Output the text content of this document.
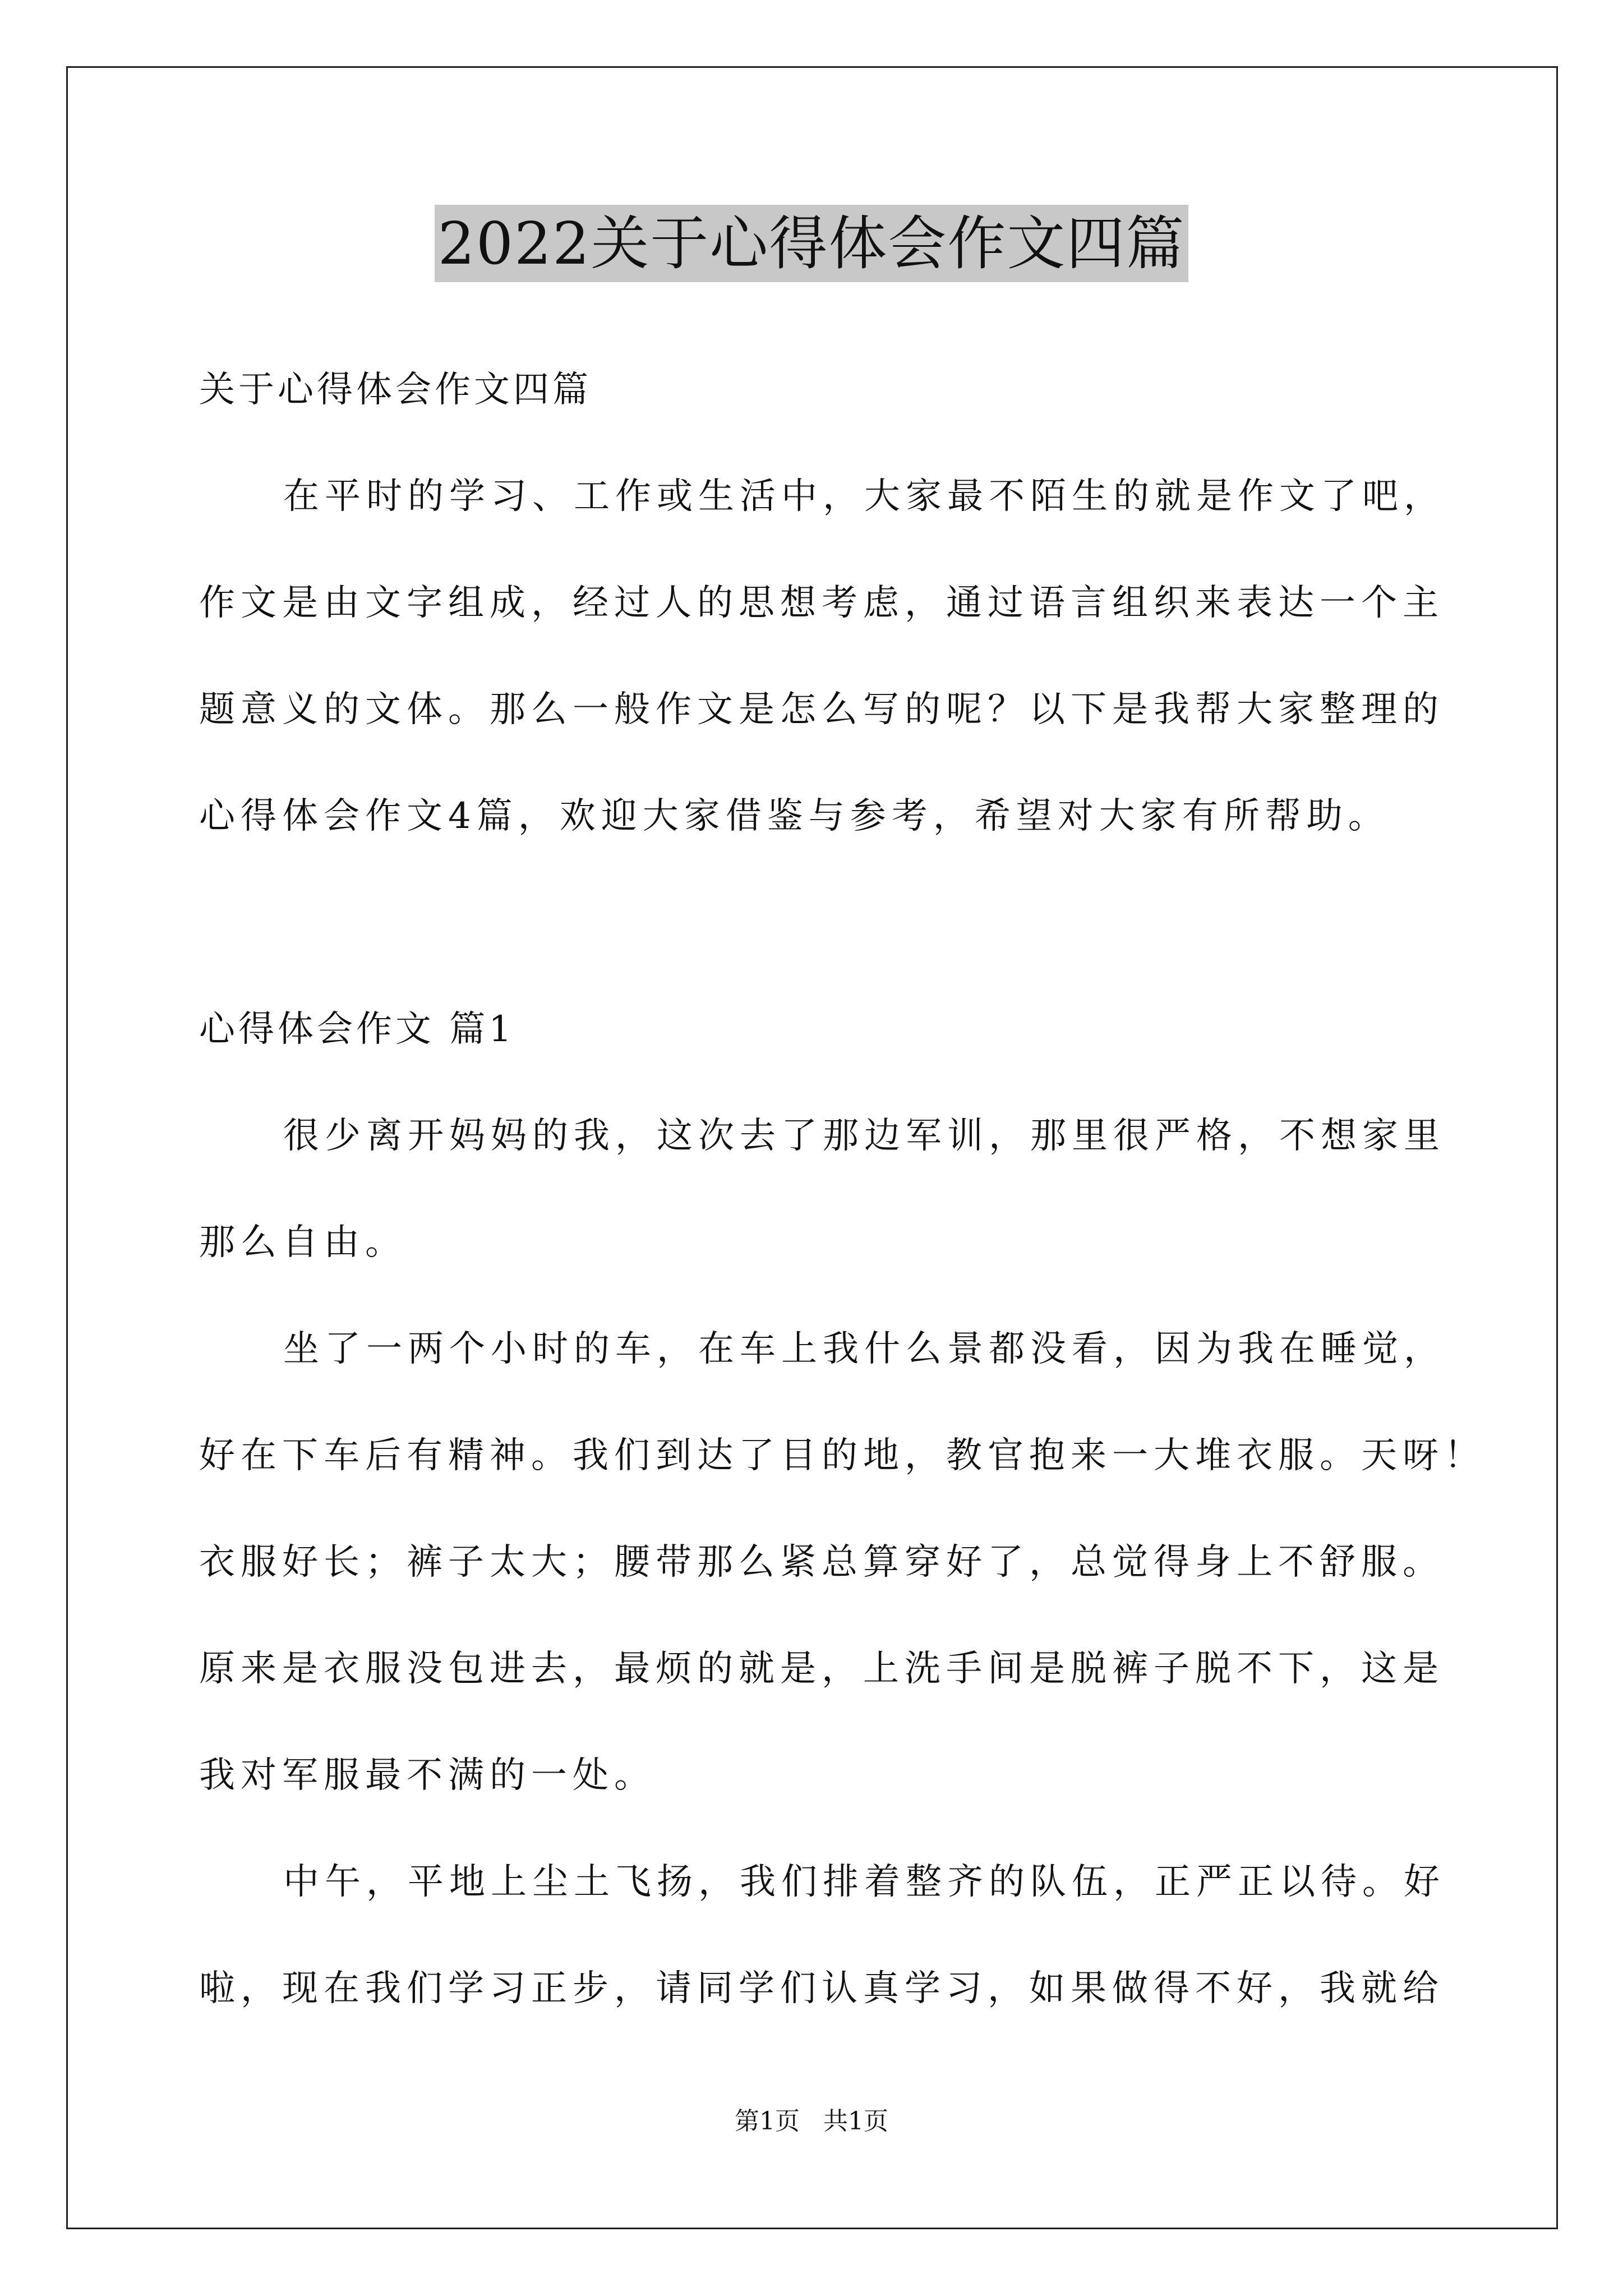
2022关于心得体会作文四篇
关于心得体会作文四篇
在平时的学习、工作或生活中，大家最不陌生的就是作文了吧，
作文是由文字组成，经过人的思想考虑，通过语言组织来表达一个主
题意义的文体。那么一般作文是怎么写的呢？以下是我帮大家整理的
心得体会作文4篇，欢迎大家借鉴与参考，希望对大家有所帮助。
心得体会作文 篇1
很少离开妈妈的我，这次去了那边军训，那里很严格，不想家里
那么自由。
坐了一两个小时的车，在车上我什么景都没看，因为我在睡觉，
好在下车后有精神。我们到达了目的地，教官抱来一大堆衣服。天呀！
衣服好长；裤子太大；腰带那么紧总算穿好了，总觉得身上不舒服。
原来是衣服没包进去，最烦的就是，上洗手间是脱裤子脱不下，这是
我对军服最不满的一处。
中午，平地上尘土飞扬，我们排着整齐的队伍，正严正以待。好
啦，现在我们学习正步，请同学们认真学习，如果做得不好，我就给
第1页   共1页
